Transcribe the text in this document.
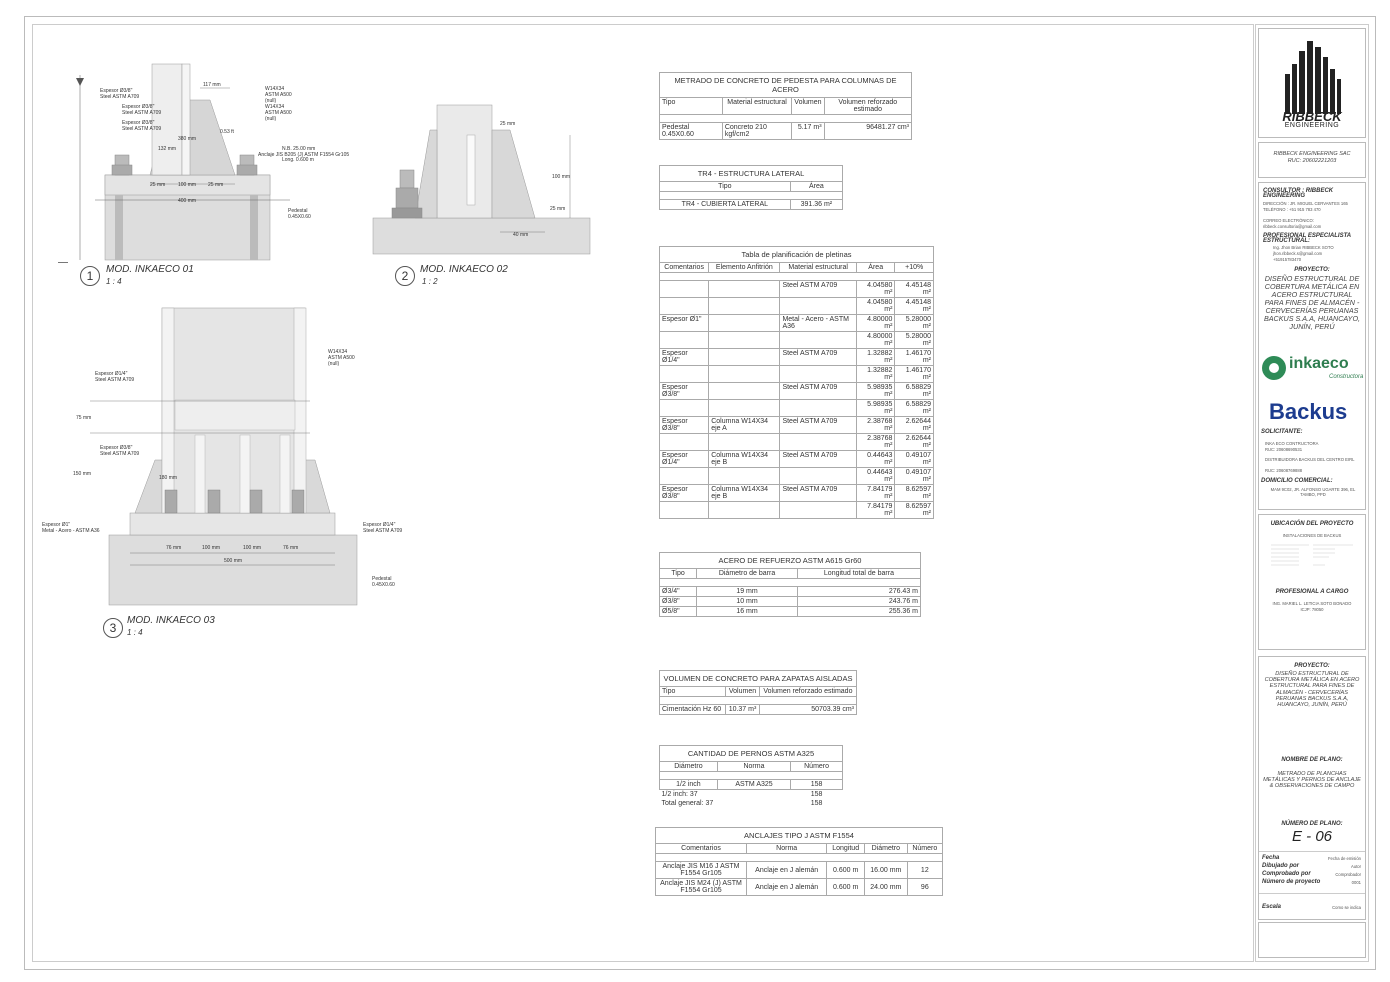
Espesor Ø3/8"
Steel ASTM A709
Espesor Ø3/8"
Steel ASTM A709
Espesor Ø3/8"
Steel ASTM A709
W14X34
ASTM A500
(null)
W14X34
ASTM A500
(null)
117 mm
380 mm
132 mm
0.53 ft
25 mm	100 mm 25 mm
400 mm
N.B. 25.00 mm
Anclaje JIS B205 (J) ASTM F1554 Gr105
Long. 0.600 m
Pedestal
0.45X0.60
1	MOD. INKAECO 01
1 : 4
25 mm
100 mm
25 mm
40 mm
2	MOD. INKAECO 02
1 : 2
Espesor Ø1/4"
Steel ASTM A709
W14X34
ASTM A500
(null)
75 mm
Espesor Ø3/8"
Steel ASTM A709
150 mm
180 mm
Espesor Ø1"
Metal - Acero - ASTM A36
Espesor Ø1/4"
Steel ASTM A709
76 mm	100 mm	100 mm	76 mm
500 mm
Pedestal
0.45X0.60
3
MOD. INKAECO 03
1 : 4
METRADO DE CONCRETO DE PEDESTA PARA COLUMNAS DE ACERO			
Tipo	Material estructural	Volumen	Volumen reforzado estimado

Pedestal 0.45X0.60	Concreto 210 kgf/cm2	5.17 m³	96481.27 cm³
TR4 - ESTRUCTURA LATERAL	
Tipo	Área

TR4 - CUBIERTA LATERAL	391.36 m²
Tabla de planificación de pletinas				
Comentarios	Elemento Anfitrión	Material estructural	Área	+10%

		Steel ASTM A709	4.04580 m²	4.45148 m²
			4.04580 m²	4.45148 m²
Espesor Ø1"		Metal - Acero - ASTM A36	4.80000 m²	5.28000 m²
			4.80000 m²	5.28000 m²
Espesor Ø1/4"		Steel ASTM A709	1.32882 m²	1.46170 m²
			1.32882 m²	1.46170 m²
Espesor Ø3/8"		Steel ASTM A709	5.98935 m²	6.58829 m²
			5.98935 m²	6.58829 m²
Espesor Ø3/8"	Columna W14X34 eje A	Steel ASTM A709	2.38768 m²	2.62644 m²
			2.38768 m²	2.62644 m²
Espesor Ø1/4"	Columna W14X34 eje B	Steel ASTM A709	0.44643 m²	0.49107 m²
			0.44643 m²	0.49107 m²
Espesor Ø3/8"	Columna W14X34 eje B	Steel ASTM A709	7.84179 m²	8.62597 m²
			7.84179 m²	8.62597 m²
ACERO DE REFUERZO ASTM A615 Gr60		
Tipo	Diámetro de barra	Longitud total de barra

Ø3/4"	19 mm	276.43 m
Ø3/8"	10 mm	243.76 m
Ø5/8"	16 mm	255.36 m
VOLUMEN DE CONCRETO PARA ZAPATAS AISLADAS		
Tipo	Volumen	Volumen reforzado estimado

Cimentación Hz 60	10.37 m³	50703.39 cm³
CANTIDAD DE PERNOS ASTM A325		
Diámetro	Norma	Número

1/2 inch	ASTM A325	158
1/2 inch: 37		158
Total general: 37		158
ANCLAJES TIPO J ASTM F1554				
Comentarios	Norma	Longitud	Diámetro	Número

Anclaje JIS M16 J ASTM F1554 Gr105	Anclaje en J alemán	0.600 m	16.00 mm	12
Anclaje JIS M24 (J) ASTM F1554 Gr105	Anclaje en J alemán	0.600 m	24.00 mm	96
RIBBECK
ENGINEERING
RIBBECK ENGINEERING SAC
RUC: 20602221203
CONSULTOR : RIBBECK ENGINEERING
DIRECCIÓN : JR. MIGUEL CERVANTES 165
TELÉFONO : +51 915 783 470
CORREO ELECTRÓNICO:
ribbeck.consultoria@gmail.com
PROFESIONAL ESPECIALISTA ESTRUCTURAL:
Ing. Jhon Brian RIBBECK SOTO
jhon.ribbeck.s@gmail.com
+51915783470
PROYECTO:
DISEÑO ESTRUCTURAL DE COBERTURA METÁLICA EN ACERO ESTRUCTURAL PARA FINES DE ALMACÉN - CERVECERÍAS PERUANAS BACKUS S.A.A, HUANCAYO, JUNÍN, PERÚ
inkaeco
Constructora
Backus
SOLICITANTE:
INKA ECO CONTRUCTORA
RUC: 20608690531
DISTRIBUIDORA BACKUS DEL CENTRO EIRL
RUC: 20608769888
DOMICILIO COMERCIAL:
MAM 9C02, JR. ALFONSO UGARTE 396, EL TAMBO, PPD
UBICACIÓN DEL PROYECTO
INSTALACIONES DE BACKUS
PROFESIONAL A CARGO
ING. MARIEL L. LETICIA SOTO BONADO
ICJP: 78050
PROYECTO:
DISEÑO ESTRUCTURAL DE COBERTURA METÁLICA EN ACERO ESTRUCTURAL PARA FINES DE ALMACÉN - CERVECERÍAS PERUANAS BACKUS S.A.A, HUANCAYO, JUNÍN, PERÚ
NOMBRE DE PLANO:
METRADO DE PLANCHAS METÁLICAS Y PERNOS DE ANCLAJE & OBSERVACIONES DE CAMPO
NÚMERO DE PLANO:
E - 06
Fecha	Fecha de emisión
Dibujado por	Autor
Comprobado por	Comprobador
Número de proyecto	0001
Escala	Como se indica
